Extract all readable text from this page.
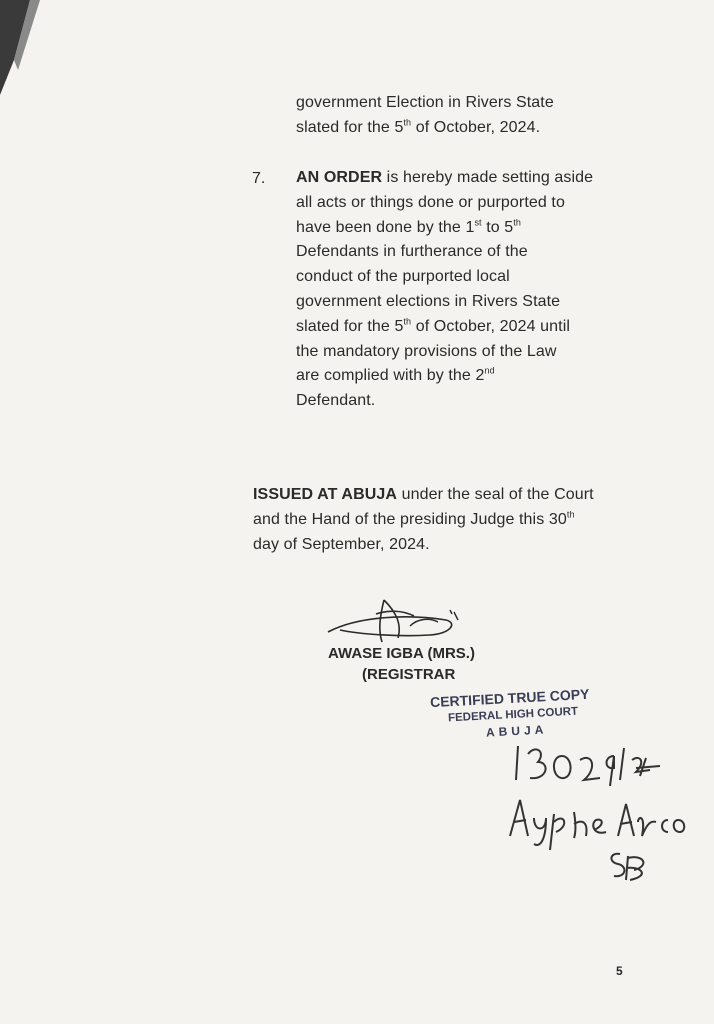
government Election in Rivers State
slated for the 5th of October, 2024.
7. AN ORDER is hereby made setting aside
all acts or things done or purported to
have been done by the 1st to 5th
Defendants in furtherance of the
conduct of the purported local
government elections in Rivers State
slated for the 5th of October, 2024 until
the mandatory provisions of the Law
are complied with by the 2nd
Defendant.
ISSUED AT ABUJA under the seal of the Court
and the Hand of the presiding Judge this 30th
day of September, 2024.
AWASE IGBA (MRS.)
(REGISTRAR
CERTIFIED TRUE COPY
FEDERAL HIGH COURT
ABUJA
5
